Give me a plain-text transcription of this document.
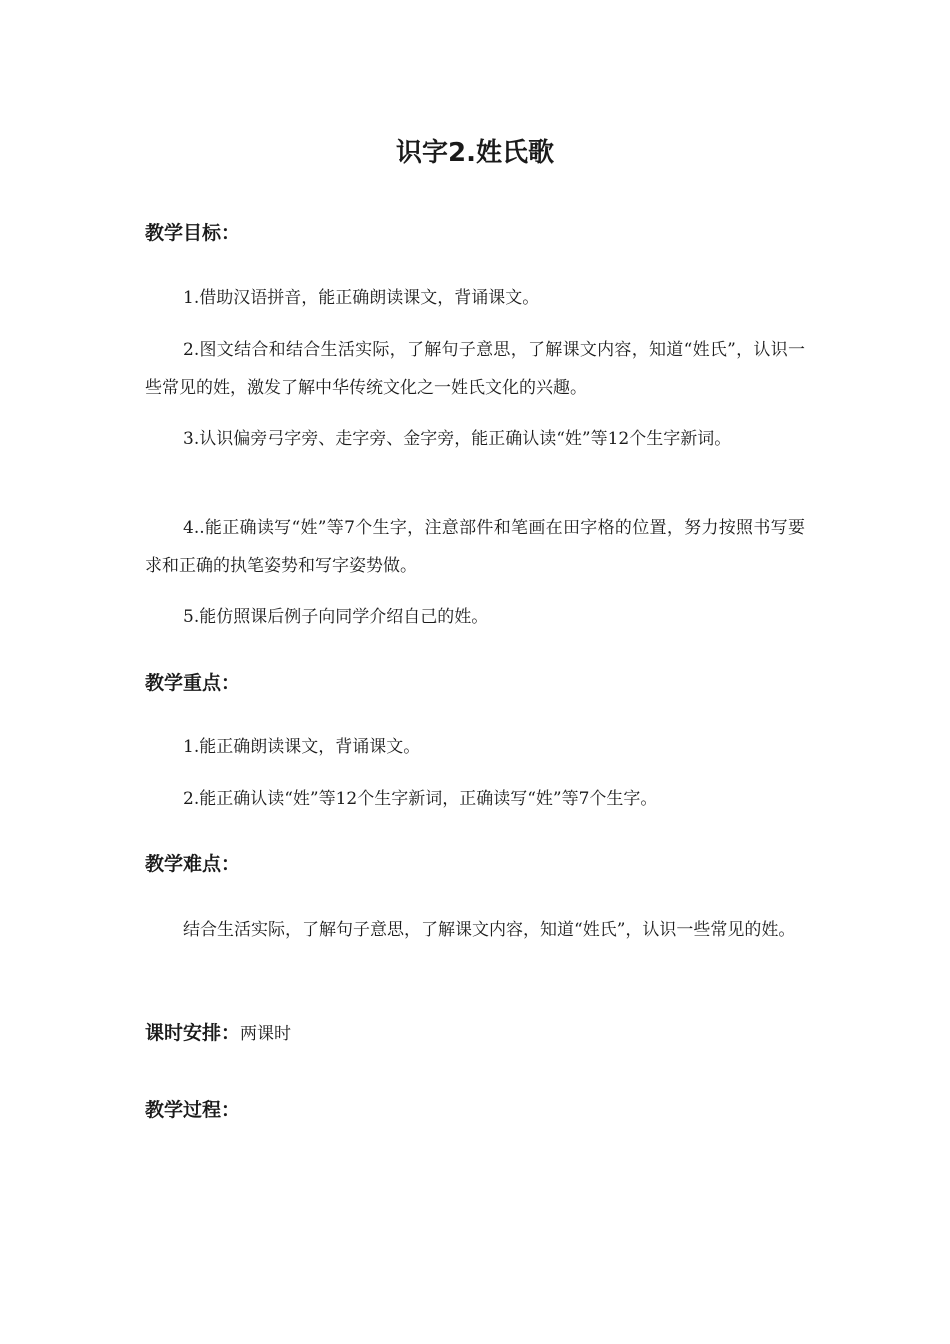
识字2.姓氏歌
教学目标：

1.借助汉语拼音，能正确朗读课文，背诵课文。

2.图文结合和结合生活实际，了解句子意思，了解课文内容，知道“姓氏”，认识一些常见的姓，激发了解中华传统文化之一姓氏文化的兴趣。

3.认识偏旁弓字旁、走字旁、金字旁，能正确认读“姓”等12个生字新词。

4..能正确读写“姓”等7个生字，注意部件和笔画在田字格的位置，努力按照书写要求和正确的执笔姿势和写字姿势做。

5.能仿照课后例子向同学介绍自己的姓。

教学重点：

1.能正确朗读课文，背诵课文。

2.能正确认读“姓”等12个生字新词，正确读写“姓”等7个生字。

教学难点：

结合生活实际，了解句子意思，了解课文内容，知道“姓氏”，认识一些常见的姓。

课时安排：两课时
教学过程：
